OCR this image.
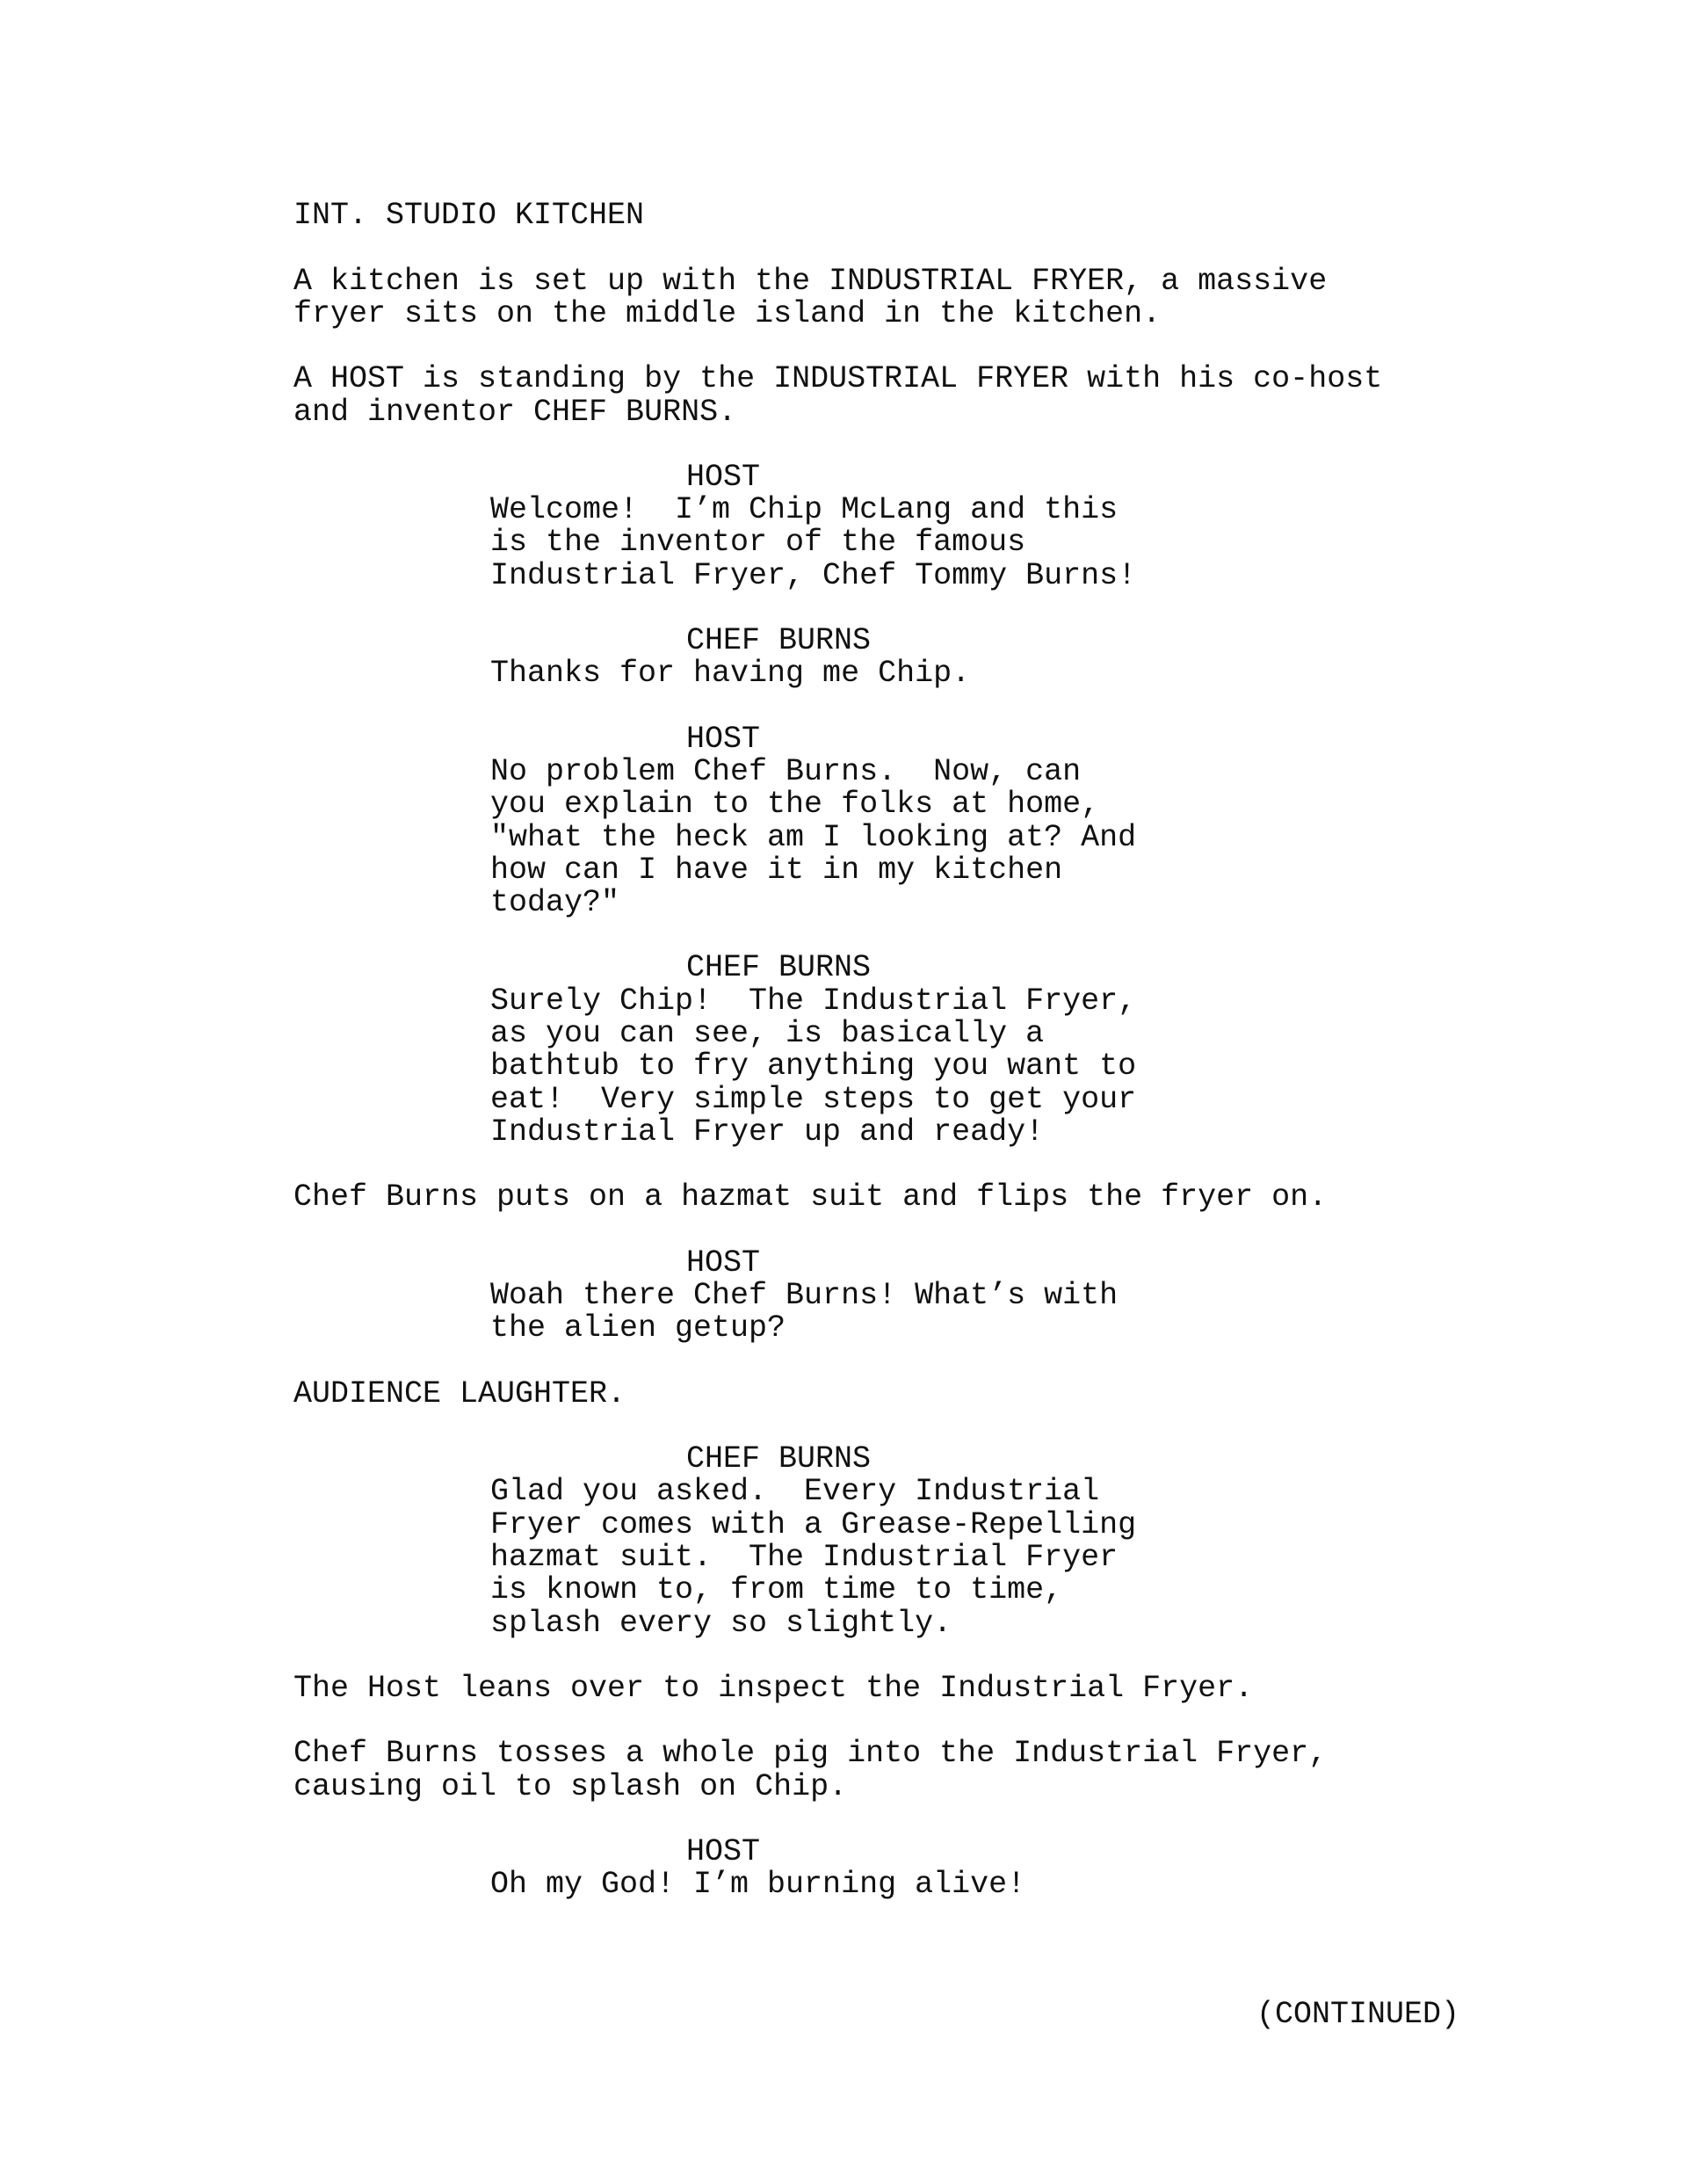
INT. STUDIO KITCHEN
A kitchen is set up with the INDUSTRIAL FRYER, a massive
fryer sits on the middle island in the kitchen.
A HOST is standing by the INDUSTRIAL FRYER with his co-host
and inventor CHEF BURNS.
HOST
Welcome!  I’m Chip McLang and this
is the inventor of the famous
Industrial Fryer, Chef Tommy Burns!
CHEF BURNS
Thanks for having me Chip.
HOST
No problem Chef Burns.  Now, can
you explain to the folks at home,
"what the heck am I looking at? And
how can I have it in my kitchen
today?"
CHEF BURNS
Surely Chip!  The Industrial Fryer,
as you can see, is basically a
bathtub to fry anything you want to
eat!  Very simple steps to get your
Industrial Fryer up and ready!
Chef Burns puts on a hazmat suit and flips the fryer on.
HOST
Woah there Chef Burns! What’s with
the alien getup?
AUDIENCE LAUGHTER.
CHEF BURNS
Glad you asked.  Every Industrial
Fryer comes with a Grease-Repelling
hazmat suit.  The Industrial Fryer
is known to, from time to time,
splash every so slightly.
The Host leans over to inspect the Industrial Fryer.
Chef Burns tosses a whole pig into the Industrial Fryer,
causing oil to splash on Chip.
HOST
Oh my God! I’m burning alive!
(CONTINUED)
